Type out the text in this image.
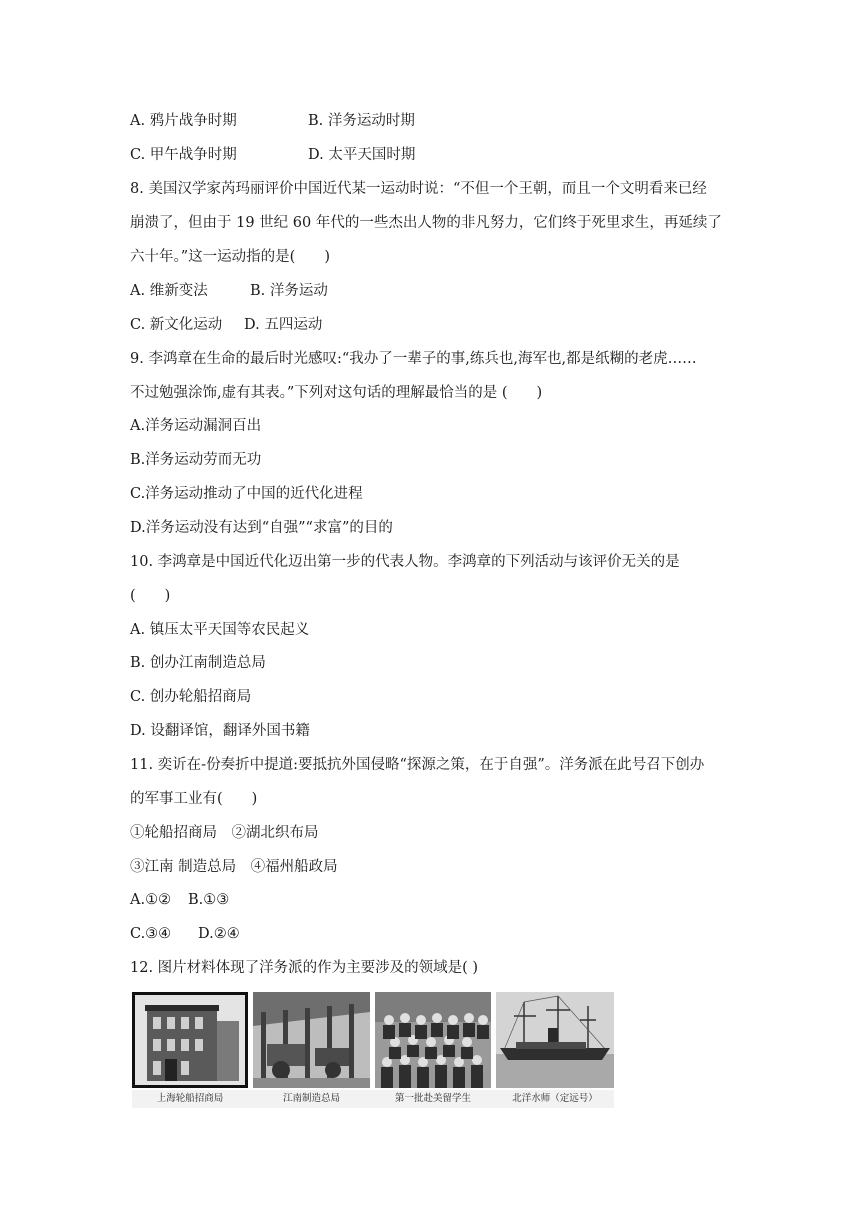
A. 鸦片战争时期	B. 洋务运动时期
C. 甲午战争时期	D. 太平天国时期
8. 美国汉学家芮玛丽评价中国近代某一运动时说：“不但一个王朝，而且一个文明看来已经
崩溃了，但由于 19 世纪 60 年代的一些杰出人物的非凡努力，它们终于死里求生，再延续了
六十年。”这一运动指的是(　　)
A. 维新变法	B. 洋务运动
C. 新文化运动 D. 五四运动
9. 李鸿章在生命的最后时光感叹:“我办了一辈子的事,练兵也,海军也,都是纸糊的老虎……
不过勉强涂饰,虚有其表。”下列对这句话的理解最恰当的是 (　　)
A.洋务运动漏洞百出
B.洋务运动劳而无功
C.洋务运动推动了中国的近代化进程
D.洋务运动没有达到“自强”“求富”的目的
10. 李鸿章是中国近代化迈出第一步的代表人物。李鸿章的下列活动与该评价无关的是
(　　)
A. 镇压太平天国等农民起义
B. 创办江南制造总局
C. 创办轮船招商局
D. 设翻译馆，翻译外国书籍
11. 奕䜣在-份奏折中提道:要抵抗外国侵略“探源之策，在于自强”。洋务派在此号召下创办
的军事工业有(　　)
①轮船招商局　②湖北织布局
③江南 制造总局　④福州船政局
A.①② B.①③
C.③④ D.②④
12. 图片材料体现了洋务派的作为主要涉及的领域是( )
上海轮船招商局	江南制造总局	第一批赴美留学生	北洋水师（定远号）
